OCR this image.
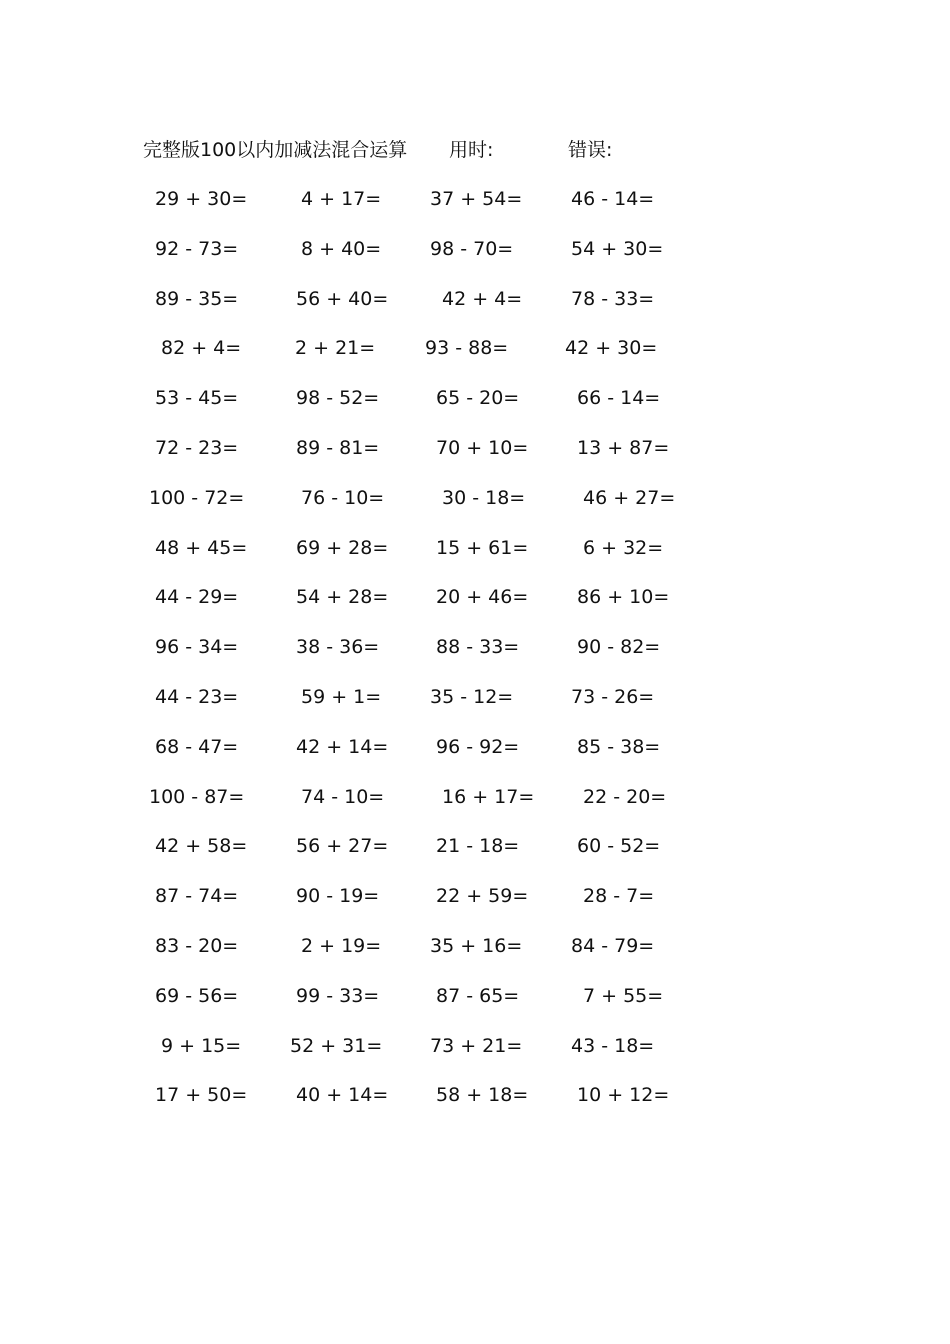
完整版100以内加减法混合运算 用时:	错误:
29 + 30=	4 + 17=	37 + 54=	46 - 14=
92 - 73=	8 + 40=	98 - 70=	54 + 30=
89 - 35=	56 + 40=	42 + 4=	78 - 33=
82 + 4=	2 + 21=	93 - 88=	42 + 30=
53 - 45=	98 - 52=	65 - 20=	66 - 14=
72 - 23=	89 - 81=	70 + 10=	13 + 87=
100 - 72=	76 - 10=	30 - 18=	46 + 27=
48 + 45=	69 + 28=	15 + 61=	6 + 32=
44 - 29=	54 + 28=	20 + 46=	86 + 10=
96 - 34=	38 - 36=	88 - 33=	90 - 82=
44 - 23=	59 + 1=	35 - 12=	73 - 26=
68 - 47=	42 + 14=	96 - 92=	85 - 38=
100 - 87=	74 - 10=	16 + 17=	22 - 20=
42 + 58=	56 + 27=	21 - 18=	60 - 52=
87 - 74=	90 - 19=	22 + 59=	28 - 7=
83 - 20=	2 + 19=	35 + 16=	84 - 79=
69 - 56=	99 - 33=	87 - 65=	7 + 55=
9 + 15=	52 + 31=	73 + 21=	43 - 18=
17 + 50=	40 + 14=	58 + 18=	10 + 12=
